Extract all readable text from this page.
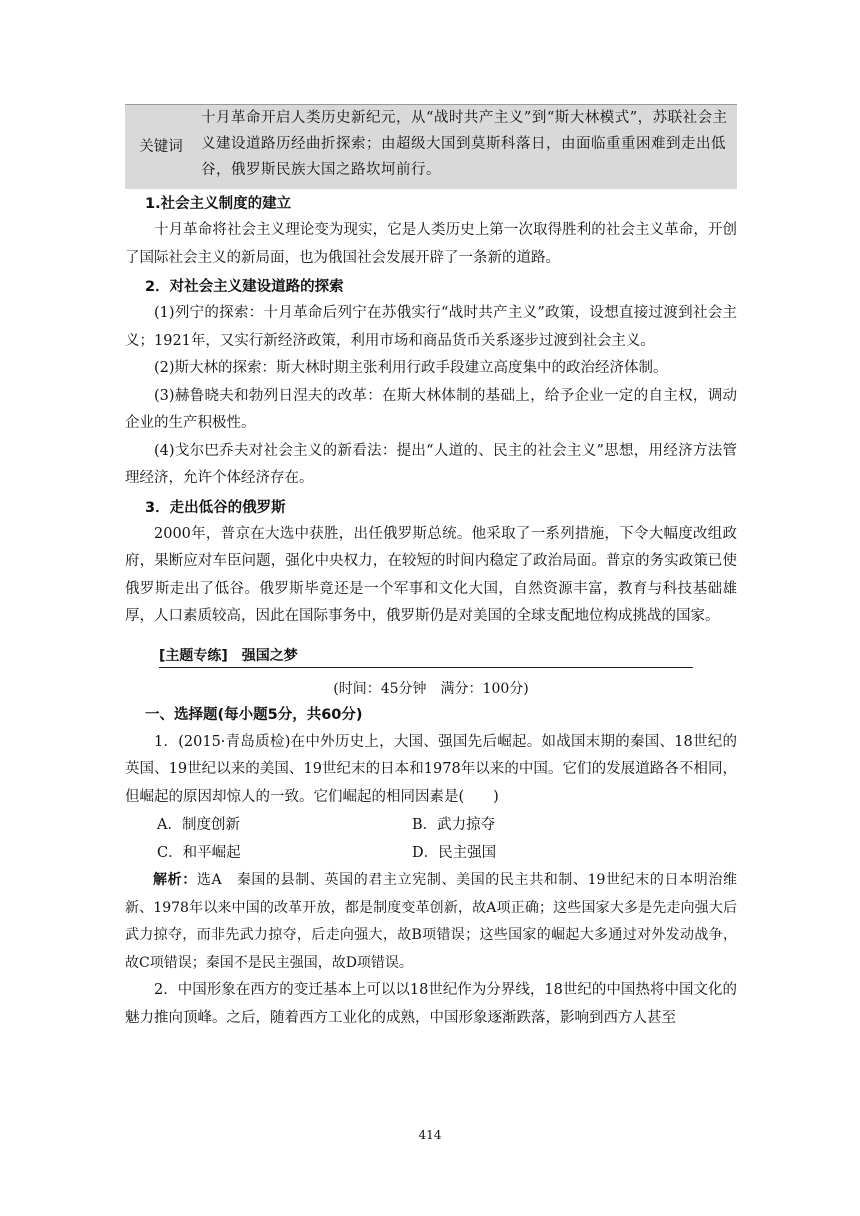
关键词
十月革命开启人类历史新纪元，从“战时共产主义”到“斯大林模式”，苏联社会主义建设道路历经曲折探索；由超级大国到莫斯科落日，由面临重重困难到走出低谷，俄罗斯民族大国之路坎坷前行。
1.社会主义制度的建立

十月革命将社会主义理论变为现实，它是人类历史上第一次取得胜利的社会主义革命，开创了国际社会主义的新局面，也为俄国社会发展开辟了一条新的道路。

2．对社会主义建设道路的探索

(1)列宁的探索：十月革命后列宁在苏俄实行“战时共产主义”政策，设想直接过渡到社会主义；1921年，又实行新经济政策，利用市场和商品货币关系逐步过渡到社会主义。

(2)斯大林的探索：斯大林时期主张利用行政手段建立高度集中的政治经济体制。

(3)赫鲁晓夫和勃列日涅夫的改革：在斯大林体制的基础上，给予企业一定的自主权，调动企业的生产积极性。

(4)戈尔巴乔夫对社会主义的新看法：提出“人道的、民主的社会主义”思想，用经济方法管理经济，允许个体经济存在。

3．走出低谷的俄罗斯

2000年，普京在大选中获胜，出任俄罗斯总统。他采取了一系列措施，下令大幅度改组政府，果断应对车臣问题，强化中央权力，在较短的时间内稳定了政治局面。普京的务实政策已使俄罗斯走出了低谷。俄罗斯毕竟还是一个军事和文化大国，自然资源丰富，教育与科技基础雄厚，人口素质较高，因此在国际事务中，俄罗斯仍是对美国的全球支配地位构成挑战的国家。

[主题专练]　强国之梦
(时间：45分钟　满分：100分)
一、选择题(每小题5分，共60分)

1．(2015·青岛质检)在中外历史上，大国、强国先后崛起。如战国末期的秦国、18世纪的英国、19世纪以来的美国、19世纪末的日本和1978年以来的中国。它们的发展道路各不相同，但崛起的原因却惊人的一致。它们崛起的相同因素是(　　)

A．制度创新	B．武力掠夺
C．和平崛起	D．民主强国
解析：选A　秦国的县制、英国的君主立宪制、美国的民主共和制、19世纪末的日本明治维新、1978年以来中国的改革开放，都是制度变革创新，故A项正确；这些国家大多是先走向强大后武力掠夺，而非先武力掠夺，后走向强大，故B项错误；这些国家的崛起大多通过对外发动战争，故C项错误；秦国不是民主强国，故D项错误。

2．中国形象在西方的变迁基本上可以以18世纪作为分界线，18世纪的中国热将中国文化的魅力推向顶峰。之后，随着西方工业化的成熟，中国形象逐渐跌落，影响到西方人甚至

414
